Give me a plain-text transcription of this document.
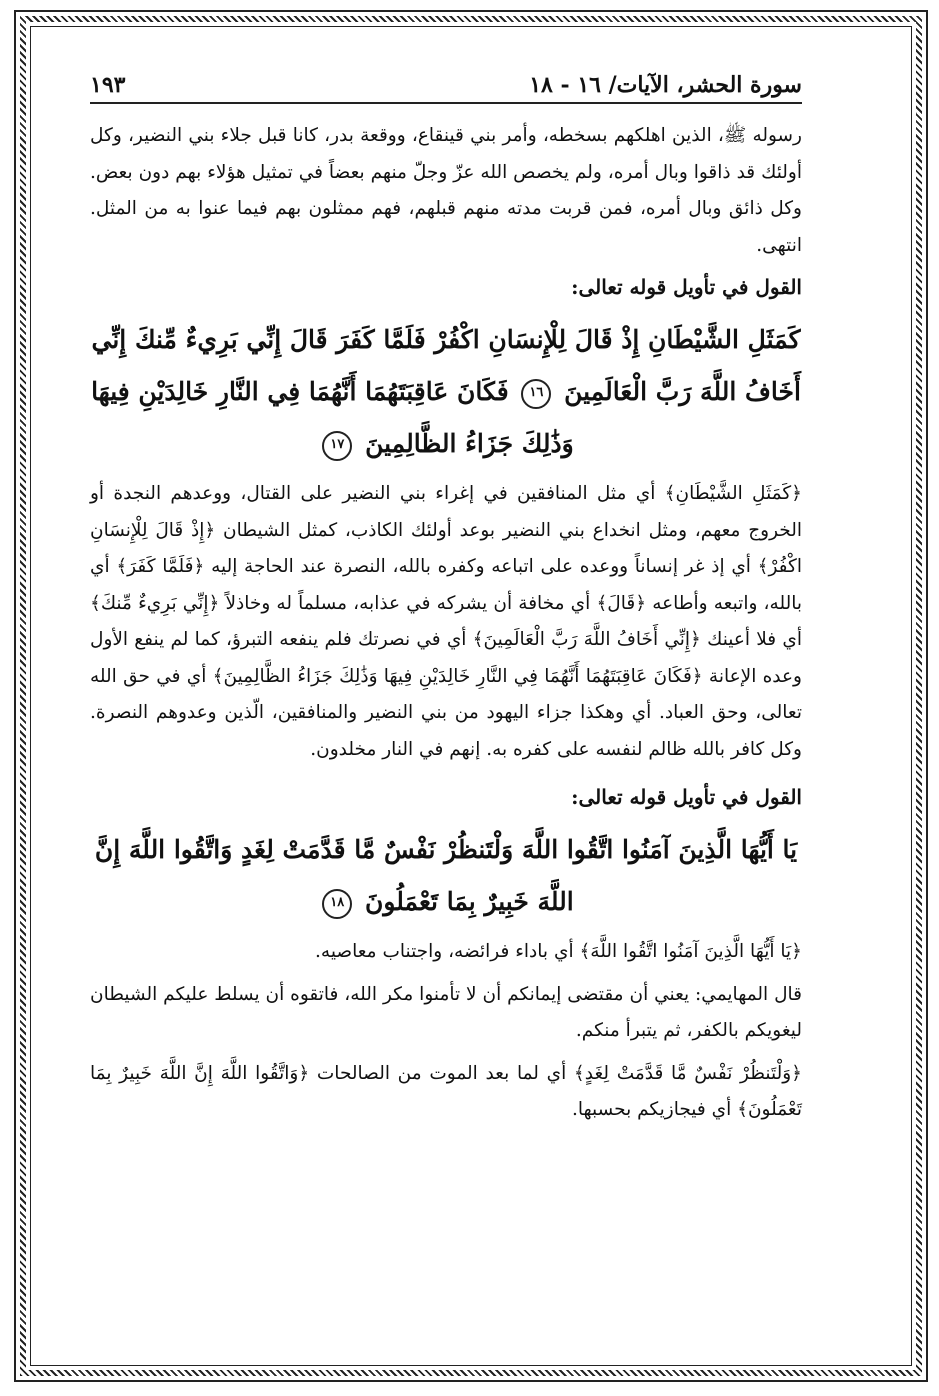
سورة الحشر، الآيات/ ١٦ - ١٨
١٩٣

رسوله ﷺ، الذين اهلكهم بسخطه، وأمر بني قينقاع، ووقعة بدر، كانا قبل جلاء بني النضير، وكل أولئك قد ذاقوا وبال أمره، ولم يخصص الله عزّ وجلّ منهم بعضاً في تمثيل هؤلاء بهم دون بعض. وكل ذائق وبال أمره، فمن قربت مدته منهم قبلهم، فهم ممثلون بهم فيما عنوا به من المثل. انتهى.

القول في تأويل قوله تعالى:
كَمَثَلِ الشَّيْطَانِ إِذْ قَالَ لِلْإِنسَانِ اكْفُرْ فَلَمَّا كَفَرَ قَالَ إِنِّي بَرِيءٌ مِّنكَ إِنِّي أَخَافُ اللَّهَ رَبَّ الْعَالَمِينَ ١٦ فَكَانَ عَاقِبَتَهُمَا أَنَّهُمَا فِي النَّارِ خَالِدَيْنِ فِيهَا وَذَٰلِكَ جَزَاءُ الظَّالِمِينَ ١٧

﴿كَمَثَلِ الشَّيْطَانِ﴾ أي مثل المنافقين في إغراء بني النضير على القتال، ووعدهم النجدة أو الخروج معهم، ومثل انخداع بني النضير بوعد أولئك الكاذب، كمثل الشيطان ﴿إِذْ قَالَ لِلْإِنسَانِ اكْفُرْ﴾ أي إذ غر إنساناً ووعده على اتباعه وكفره بالله، النصرة عند الحاجة إليه ﴿فَلَمَّا كَفَرَ﴾ أي بالله، واتبعه وأطاعه ﴿قَالَ﴾ أي مخافة أن يشركه في عذابه، مسلماً له وخاذلاً ﴿إِنِّي بَرِيءٌ مِّنكَ﴾ أي فلا أعينك ﴿إِنِّي أَخَافُ اللَّهَ رَبَّ الْعَالَمِينَ﴾ أي في نصرتك فلم ينفعه التبرؤ، كما لم ينفع الأول وعده الإعانة ﴿فَكَانَ عَاقِبَتَهُمَا أَنَّهُمَا فِي النَّارِ خَالِدَيْنِ فِيهَا وَذَٰلِكَ جَزَاءُ الظَّالِمِينَ﴾ أي في حق الله تعالى، وحق العباد. أي وهكذا جزاء اليهود من بني النضير والمنافقين، الّذين وعدوهم النصرة. وكل كافر بالله ظالم لنفسه على كفره به. إنهم في النار مخلدون.

القول في تأويل قوله تعالى:
يَا أَيُّهَا الَّذِينَ آمَنُوا اتَّقُوا اللَّهَ وَلْتَنظُرْ نَفْسٌ مَّا قَدَّمَتْ لِغَدٍ وَاتَّقُوا اللَّهَ إِنَّ اللَّهَ خَبِيرٌ بِمَا تَعْمَلُونَ ١٨

﴿يَا أَيُّهَا الَّذِينَ آمَنُوا اتَّقُوا اللَّهَ﴾ أي باداء فرائضه، واجتناب معاصيه.

قال المهايمي: يعني أن مقتضى إيمانكم أن لا تأمنوا مكر الله، فاتقوه أن يسلط عليكم الشيطان ليغويكم بالكفر، ثم يتبرأ منكم.

﴿وَلْتَنظُرْ نَفْسٌ مَّا قَدَّمَتْ لِغَدٍ﴾ أي لما بعد الموت من الصالحات ﴿وَاتَّقُوا اللَّهَ إِنَّ اللَّهَ خَبِيرٌ بِمَا تَعْمَلُونَ﴾ أي فيجازيكم بحسبها.
